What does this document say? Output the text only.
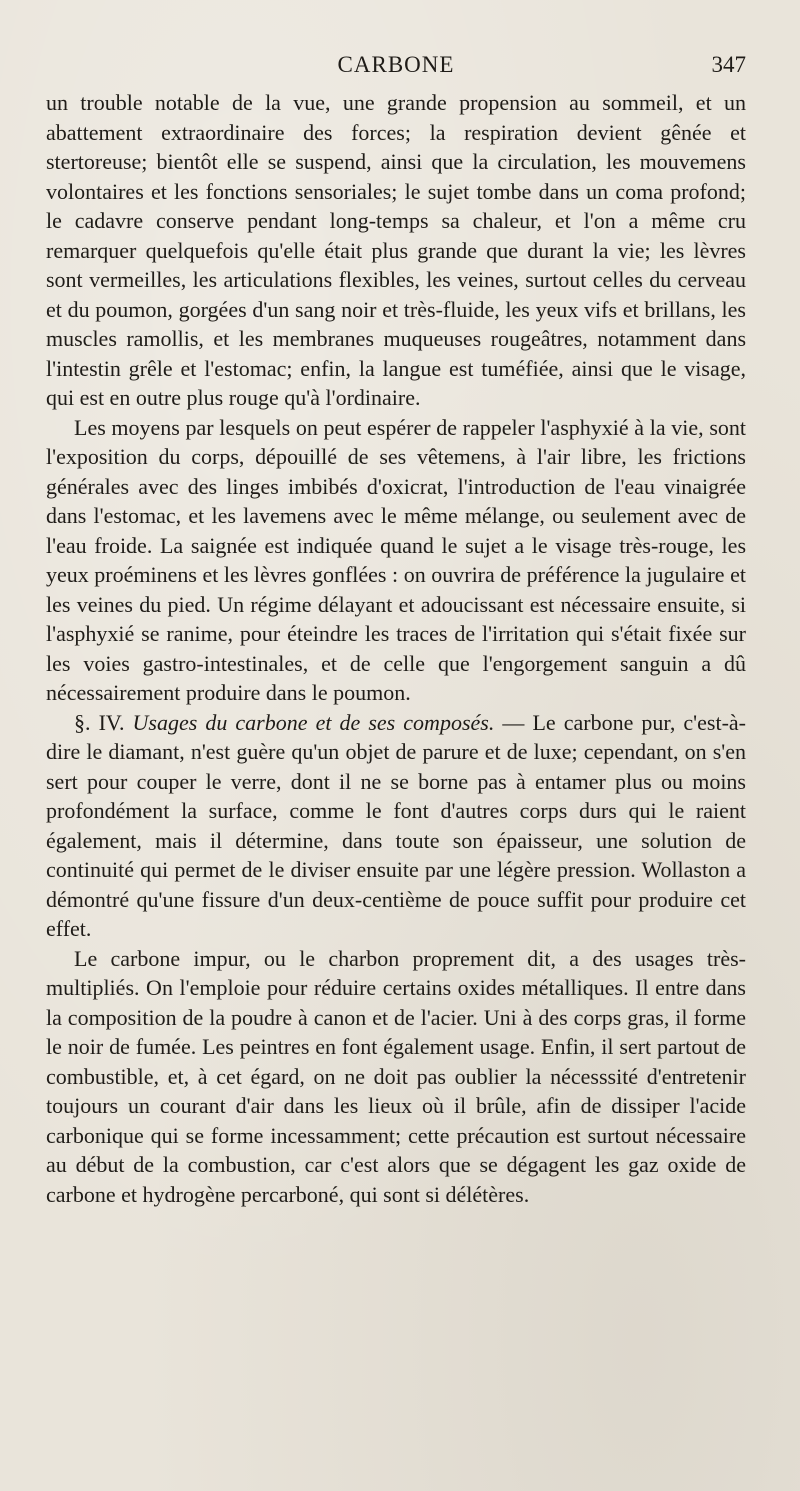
CARBONE	347

un trouble notable de la vue, une grande propension au sommeil, et un abattement extraordinaire des forces; la respiration devient gênée et stertoreuse; bientôt elle se suspend, ainsi que la circulation, les mouvemens volontaires et les fonctions sensoriales; le sujet tombe dans un coma profond; le cadavre conserve pendant long-temps sa chaleur, et l'on a même cru remarquer quelquefois qu'elle était plus grande que durant la vie; les lèvres sont vermeilles, les articulations flexibles, les veines, surtout celles du cerveau et du poumon, gorgées d'un sang noir et très-fluide, les yeux vifs et brillans, les muscles ramollis, et les membranes muqueuses rougeâtres, notamment dans l'intestin grêle et l'estomac; enfin, la langue est tuméfiée, ainsi que le visage, qui est en outre plus rouge qu'à l'ordinaire.

Les moyens par lesquels on peut espérer de rappeler l'asphyxié à la vie, sont l'exposition du corps, dépouillé de ses vêtemens, à l'air libre, les frictions générales avec des linges imbibés d'oxicrat, l'introduction de l'eau vinaigrée dans l'estomac, et les lavemens avec le même mélange, ou seulement avec de l'eau froide. La saignée est indiquée quand le sujet a le visage très-rouge, les yeux proéminens et les lèvres gonflées : on ouvrira de préférence la jugulaire et les veines du pied. Un régime délayant et adoucissant est nécessaire ensuite, si l'asphyxié se ranime, pour éteindre les traces de l'irritation qui s'était fixée sur les voies gastro-intestinales, et de celle que l'engorgement sanguin a dû nécessairement produire dans le poumon.

§. IV. Usages du carbone et de ses composés. — Le carbone pur, c'est-à-dire le diamant, n'est guère qu'un objet de parure et de luxe; cependant, on s'en sert pour couper le verre, dont il ne se borne pas à entamer plus ou moins profondément la surface, comme le font d'autres corps durs qui le raient également, mais il détermine, dans toute son épaisseur, une solution de continuité qui permet de le diviser ensuite par une légère pression. Wollaston a démontré qu'une fissure d'un deux-centième de pouce suffit pour produire cet effet.

Le carbone impur, ou le charbon proprement dit, a des usages très-multipliés. On l'emploie pour réduire certains oxides métalliques. Il entre dans la composition de la poudre à canon et de l'acier. Uni à des corps gras, il forme le noir de fumée. Les peintres en font également usage. Enfin, il sert partout de combustible, et, à cet égard, on ne doit pas oublier la nécesssité d'entretenir toujours un courant d'air dans les lieux où il brûle, afin de dissiper l'acide carbonique qui se forme incessamment; cette précaution est surtout nécessaire au début de la combustion, car c'est alors que se dégagent les gaz oxide de carbone et hydrogène percarboné, qui sont si délétères.
